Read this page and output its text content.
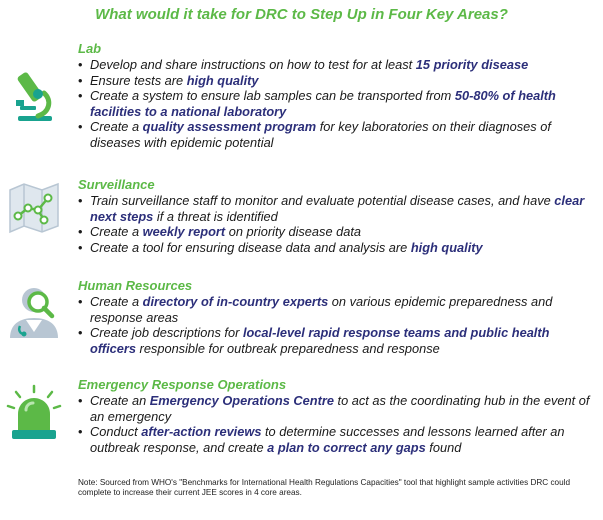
What would it take for DRC to Step Up in Four Key Areas?
Lab
• Develop and share instructions on how to test for at least 15 priority disease
• Ensure tests are high quality
• Create a system to ensure lab samples can be transported from 50-80% of health facilities to a national laboratory
• Create a quality assessment program for key laboratories on their diagnoses of diseases with epidemic potential
Surveillance
• Train surveillance staff to monitor and evaluate potential disease cases, and have clear next steps if a threat is identified
• Create a weekly report on priority disease data
• Create a tool for ensuring disease data and analysis are high quality
Human Resources
• Create a directory of in-country experts on various epidemic preparedness and response areas
• Create job descriptions for local-level rapid response teams and public health officers responsible for outbreak preparedness and response
Emergency Response Operations
• Create an Emergency Operations Centre to act as the coordinating hub in the event of an emergency
• Conduct after-action reviews to determine successes and lessons learned after an outbreak response, and create a plan to correct any gaps found
Note: Sourced from WHO's "Benchmarks for International Health Regulations Capacities" tool that highlight sample activities DRC could complete to increase their current JEE scores in 4 core areas.
